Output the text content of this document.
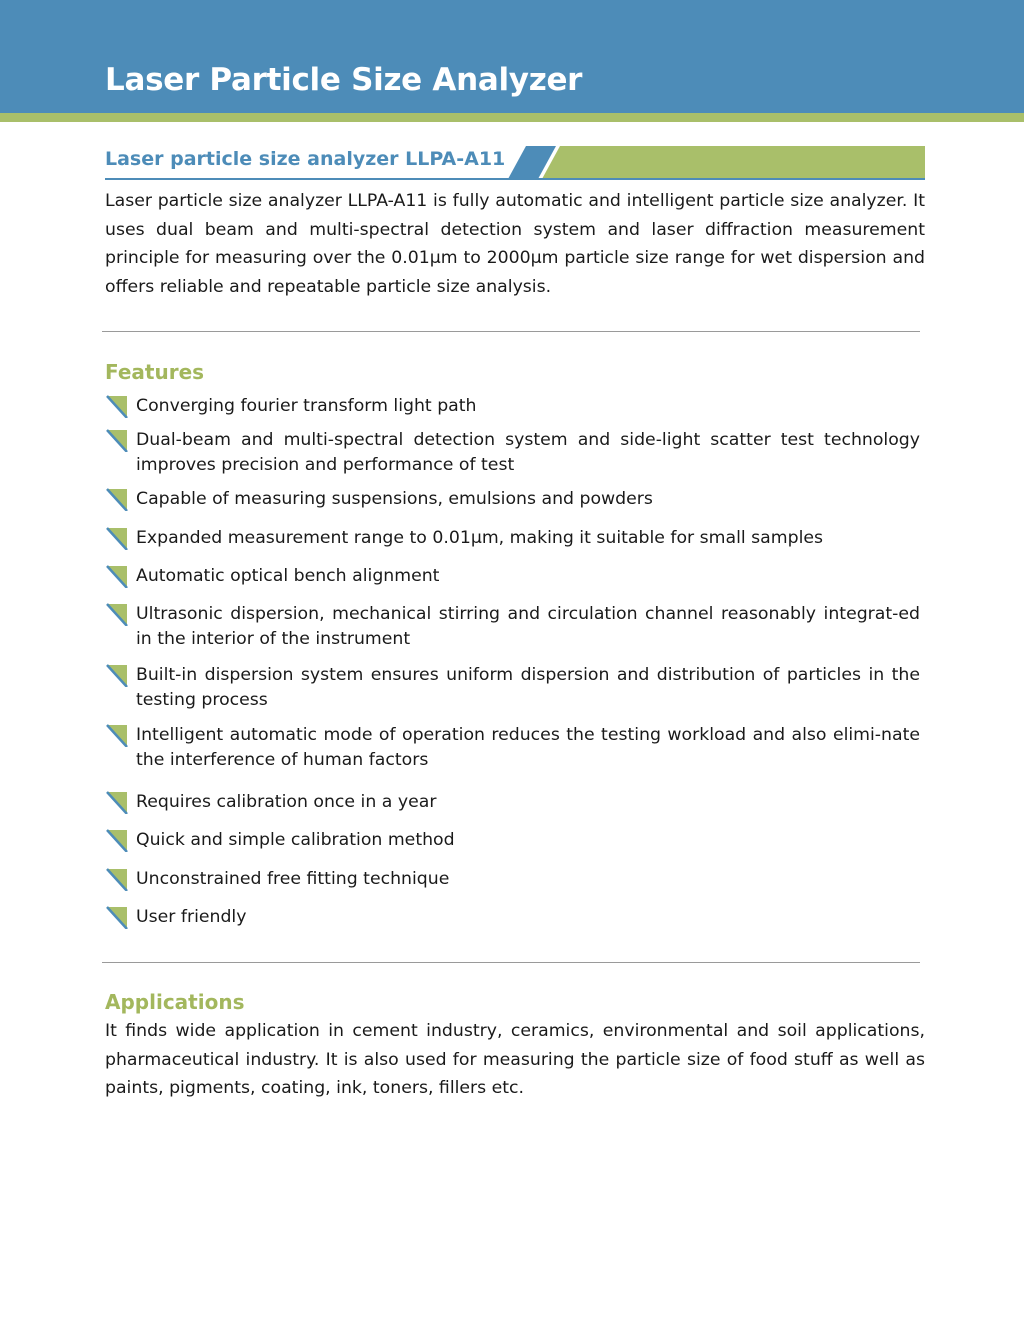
Laser Particle Size Analyzer
Laser particle size analyzer LLPA-A11

Laser particle size analyzer LLPA-A11 is fully automatic and intelligent particle size analyzer. It uses dual beam and multi-spectral detection system and laser diffraction measurement principle for measuring over the 0.01μm to 2000μm particle size range for wet dispersion and offers reliable and repeatable particle size analysis.

Features
Converging fourier transform light path
Dual-beam and multi-spectral detection system and side-light scatter test technology improves precision and performance of test
Capable of measuring suspensions, emulsions and powders
Expanded measurement range to 0.01μm, making it suitable for small samples
Automatic optical bench alignment
Ultrasonic dispersion, mechanical stirring and circulation channel reasonably integrat-ed in the interior of the instrument
Built-in dispersion system ensures uniform dispersion and distribution of particles in the testing process
Intelligent automatic mode of operation reduces the testing workload and also elimi-nate the interference of human factors
Requires calibration once in a year
Quick and simple calibration method
Unconstrained free fitting technique
User friendly
Applications

It finds wide application in cement industry, ceramics, environmental and soil applications, pharmaceutical industry. It is also used for measuring the particle size of food stuff as well as paints, pigments, coating, ink, toners, fillers etc.
